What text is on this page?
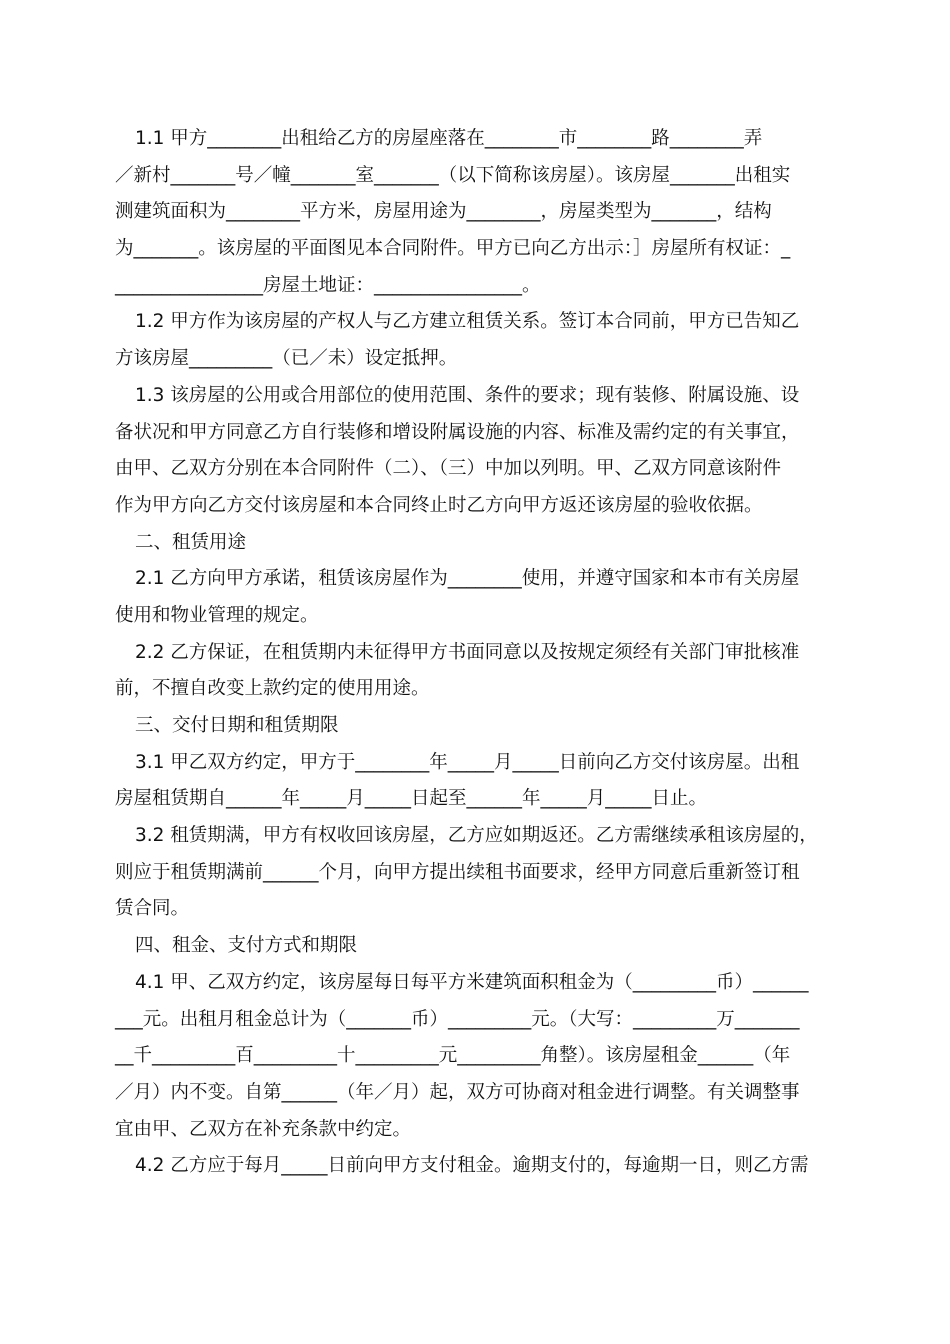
1.1 甲方________出租给乙方的房屋座落在________市________路________弄
／新村_______号／幢_______室_______（以下简称该房屋）。该房屋_______出租实
测建筑面积为________平方米，房屋用途为________，房屋类型为_______，结构
为_______。该房屋的平面图见本合同附件。甲方已向乙方出示：］房屋所有权证：_
________________房屋土地证：________________。
1.2 甲方作为该房屋的产权人与乙方建立租赁关系。签订本合同前，甲方已告知乙
方该房屋_________（已／未）设定抵押。
1.3 该房屋的公用或合用部位的使用范围、条件的要求；现有装修、附属设施、设
备状况和甲方同意乙方自行装修和增设附属设施的内容、标准及需约定的有关事宜，
由甲、乙双方分别在本合同附件（二）、（三）中加以列明。甲、乙双方同意该附件
作为甲方向乙方交付该房屋和本合同终止时乙方向甲方返还该房屋的验收依据。
二、租赁用途
2.1 乙方向甲方承诺，租赁该房屋作为________使用，并遵守国家和本市有关房屋
使用和物业管理的规定。
2.2 乙方保证，在租赁期内未征得甲方书面同意以及按规定须经有关部门审批核准
前，不擅自改变上款约定的使用用途。
三、交付日期和租赁期限
3.1 甲乙双方约定，甲方于________年_____月_____日前向乙方交付该房屋。出租
房屋租赁期自______年_____月_____日起至______年_____月_____日止。
3.2 租赁期满，甲方有权收回该房屋，乙方应如期返还。乙方需继续承租该房屋的，
则应于租赁期满前______个月，向甲方提出续租书面要求，经甲方同意后重新签订租
赁合同。
四、租金、支付方式和期限
4.1 甲、乙双方约定，该房屋每日每平方米建筑面积租金为（_________币）______
___元。出租月租金总计为（_______币）_________元。（大写：_________万_______
__千_________百_________十_________元_________角整）。该房屋租金______（年
／月）内不变。自第______（年／月）起，双方可协商对租金进行调整。有关调整事
宜由甲、乙双方在补充条款中约定。
4.2 乙方应于每月_____日前向甲方支付租金。逾期支付的，每逾期一日，则乙方需
